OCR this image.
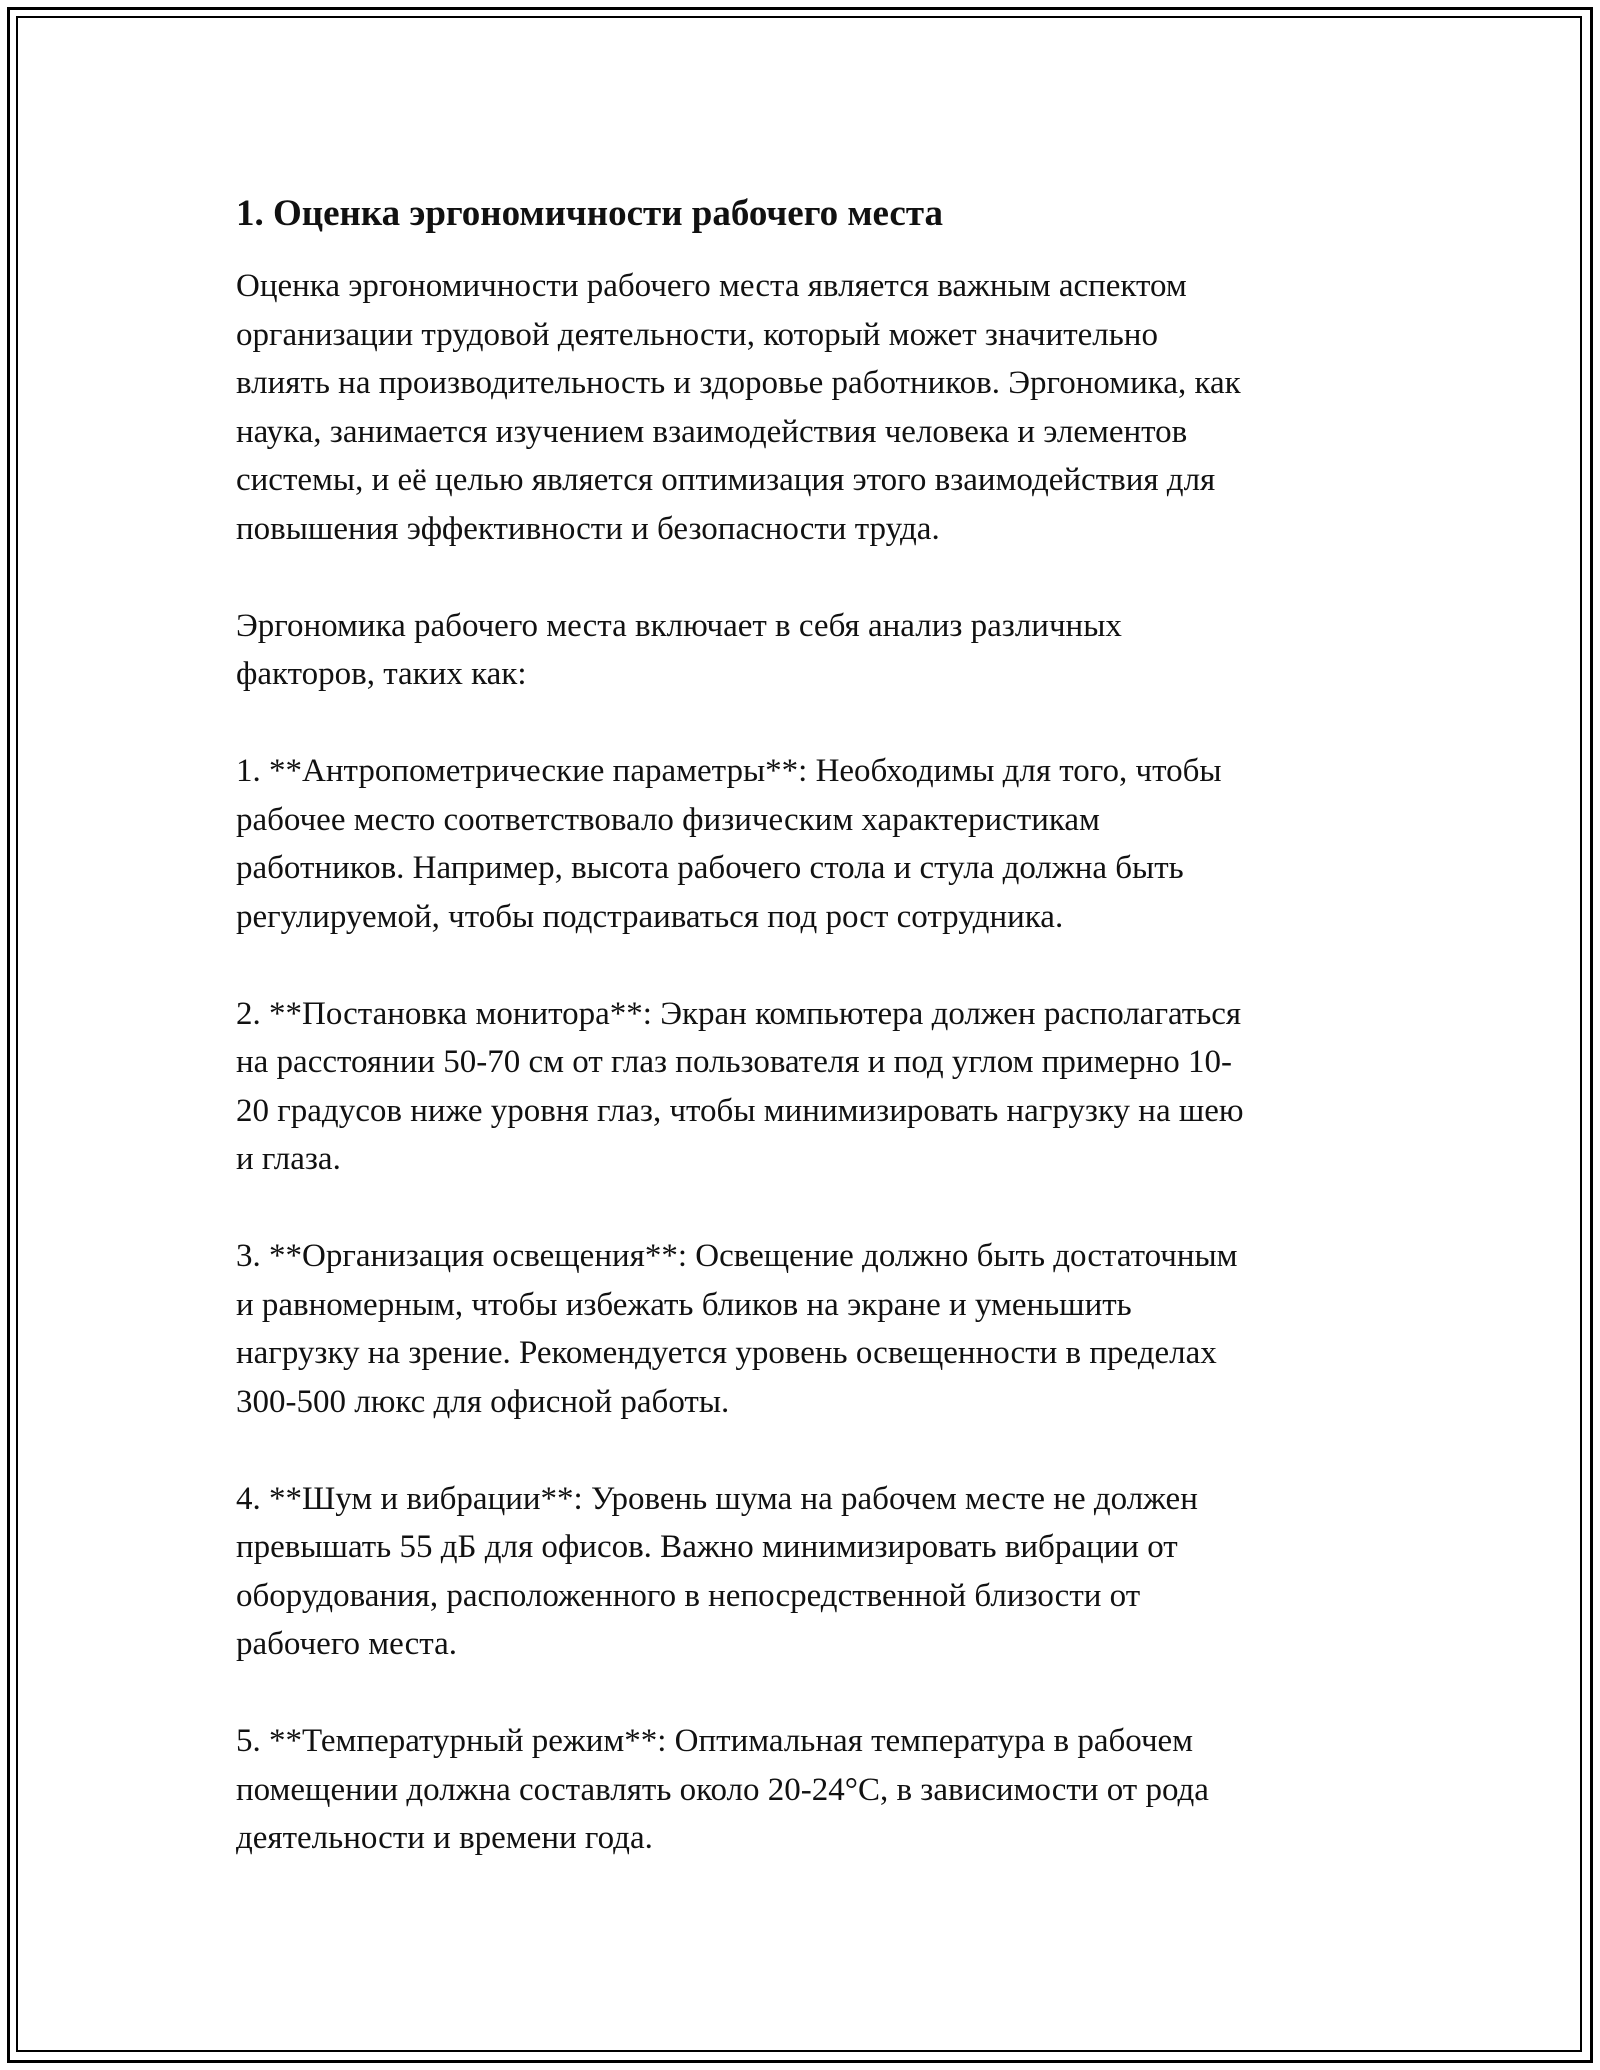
1. Оценка эргономичности рабочего места

Оценка эргономичности рабочего места является важным аспектом
организации трудовой деятельности, который может значительно
влиять на производительность и здоровье работников. Эргономика, как
наука, занимается изучением взаимодействия человека и элементов
системы, и её целью является оптимизация этого взаимодействия для
повышения эффективности и безопасности труда.

Эргономика рабочего места включает в себя анализ различных
факторов, таких как:

1. **Антропометрические параметры**: Необходимы для того, чтобы
рабочее место соответствовало физическим характеристикам
работников. Например, высота рабочего стола и стула должна быть
регулируемой, чтобы подстраиваться под рост сотрудника.

2. **Постановка монитора**: Экран компьютера должен располагаться
на расстоянии 50-70 см от глаз пользователя и под углом примерно 10-
20 градусов ниже уровня глаз, чтобы минимизировать нагрузку на шею
и глаза.

3. **Организация освещения**: Освещение должно быть достаточным
и равномерным, чтобы избежать бликов на экране и уменьшить
нагрузку на зрение. Рекомендуется уровень освещенности в пределах
300-500 люкс для офисной работы.

4. **Шум и вибрации**: Уровень шума на рабочем месте не должен
превышать 55 дБ для офисов. Важно минимизировать вибрации от
оборудования, расположенного в непосредственной близости от
рабочего места.

5. **Температурный режим**: Оптимальная температура в рабочем
помещении должна составлять около 20-24°C, в зависимости от рода
деятельности и времени года.
